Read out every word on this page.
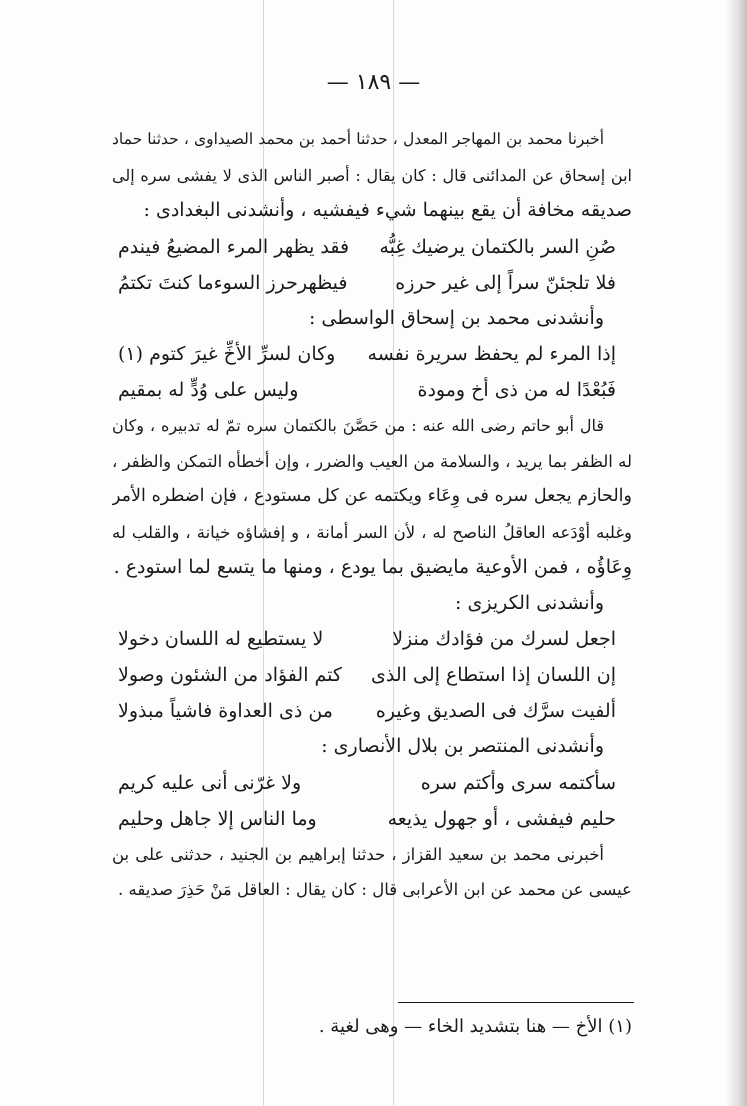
— ١٨٩ —
أخبرنا محمد بن المهاجر المعدل ، حدثنا أحمد بن محمد الصيداوى ، حدثنا حماد
ابن إسحاق عن المدائنى قال : كان يقال : أصبر الناس الذى لا يفشى سره إلى
صديقه مخافة أن يقع بينهما شيء فيفشيه ، وأنشدنى البغدادى :
صُنِ السر بالكتمان يرضيك غِبُّه
فقد يظهر المرء المضيعُ فيندم
فلا تلجئنّ سراً إلى غير حرزه
فيظهرحرز السوءما كنتَ تكتمُ
وأنشدنى محمد بن إسحاق الواسطى :
إذا المرء لم يحفظ سريرة نفسه
وكان لسرِّ الأخِّ غيرَ كتوم (١)
فَبُعْدًا له من ذى أخ ومودة
وليس على وُدٍّ له بمقيم
قال أبو حاتم رضى الله عنه : من حَصَّنَ بالكتمان سره تمّ له تدبيره ، وكان
له الظفر بما يريد ، والسلامة من العيب والضرر ، وإن أخطأه التمكن والظفر ،
والحازم يجعل سره فى وِعَاء ويكتمه عن كل مستودع ، فإن اضطره الأمر
وغلبه أوْدَعه العاقلُ الناصح له ، لأن السر أمانة ، و إفشاؤه خيانة ، والقلب له
وِعَاؤُه ، فمن الأوعية مايضيق بما يودع ، ومنها ما يتسع لما استودع .
وأنشدنى الكريزى :
اجعل لسرك من فؤادك منزلا
لا يستطيع له اللسان دخولا
إن اللسان إذا استطاع إلى الذى
كتم الفؤاد من الشئون وصولا
ألفيت سرَّك فى الصديق وغيره
من ذى العداوة فاشياً مبذولا
وأنشدنى المنتصر بن بلال الأنصارى :
سأكتمه سرى وأكتم سره
ولا غرّنى أنى عليه كريم
حليم فيفشى ، أو جهول يذيعه
وما الناس إلا جاهل وحليم
أخبرنى محمد بن سعيد القزاز ، حدثنا إبراهيم بن الجنيد ، حدثنى على بن
عيسى عن محمد عن ابن الأعرابى قال : كان يقال : العاقل مَنْ حَذِرَ صديقه .
(١) الأخ — هنا بتشديد الخاء — وهى لغية .
